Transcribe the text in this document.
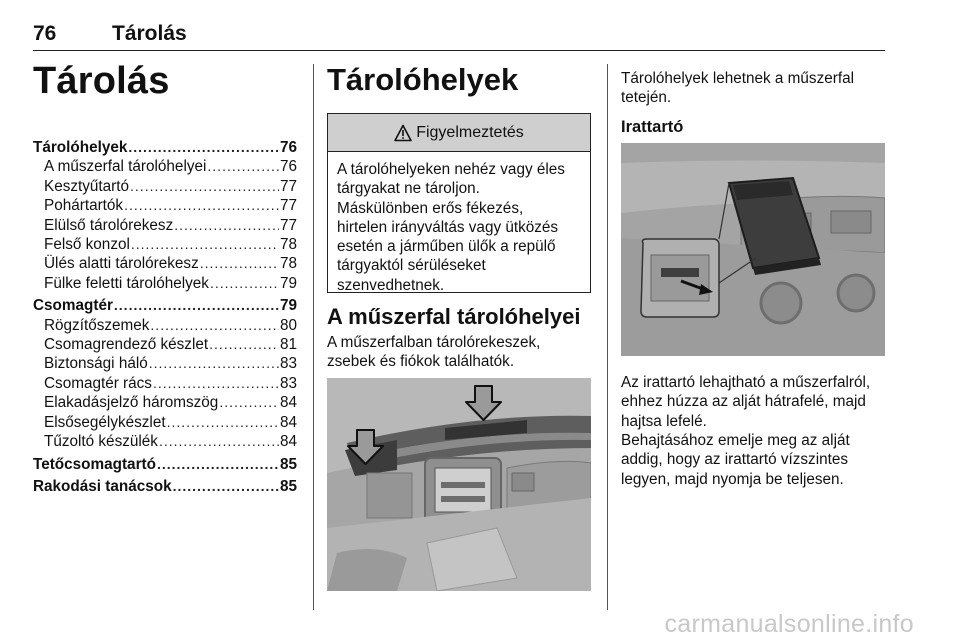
76	Tárolás
Tárolás
Tárolóhelyek .....	76
A műszerfal tárolóhelyei .....	76
Kesztyűtartó .....	77
Pohártartók .....	77
Elülső tárolórekesz .....	77
Felső konzol .....	78
Ülés alatti tárolórekesz .....	78
Fülke feletti tárolóhelyek .....	79
Csomagtér .....	79
Rögzítőszemek .....	80
Csomagrendező készlet .....	81
Biztonsági háló .....	83
Csomagtér rács .....	83
Elakadásjelző háromszög .....	84
Elsősegélykészlet .....	84
Tűzoltó készülék .....	84
Tetőcsomagtartó .....	85
Rakodási tanácsok .....	85
Tárolóhelyek
Figyelmeztetés
A tárolóhelyeken nehéz vagy éles
tárgyakat ne tároljon.
Máskülönben erős fékezés,
hirtelen irányváltás vagy ütközés
esetén a járműben ülők a repülő
tárgyaktól sérüléseket
szenvedhetnek.
A műszerfal tárolóhelyei
A műszerfalban tárolórekeszek,
zsebek és fiókok találhatók.
Tárolóhelyek lehetnek a műszerfal
tetején.
Irattartó
Az irattartó lehajtható a műszerfalról,
ehhez húzza az alját hátrafelé, majd
hajtsa lefelé.
Behajtásához emelje meg az alját
addig, hogy az irattartó vízszintes
legyen, majd nyomja be teljesen.
carmanualsonline.info
